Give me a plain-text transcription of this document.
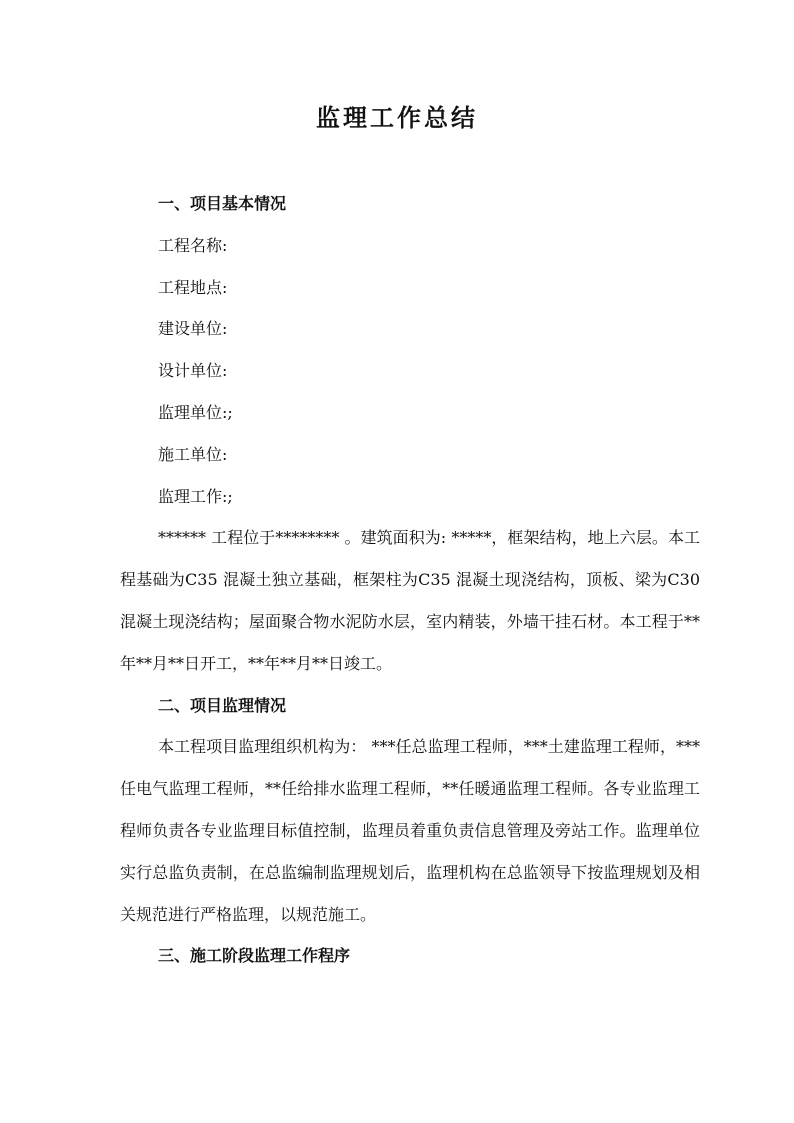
监理工作总结
一、项目基本情况
工程名称:
工程地点:
建设单位:
设计单位:
监理单位:;
施工单位:
监理工作:;

****** 工程位于******** 。建筑面积为: *****，框架结构，地上六层。本工程基础为C35 混凝土独立基础，框架柱为C35 混凝土现浇结构，顶板、梁为C30 混凝土现浇结构；屋面聚合物水泥防水层，室内精装，外墙干挂石材。本工程于**年**月**日开工，**年**月**日竣工。

二、项目监理情况

本工程项目监理组织机构为： ***任总监理工程师，***土建监理工程师，***任电气监理工程师，**任给排水监理工程师，**任暖通监理工程师。各专业监理工程师负责各专业监理目标值控制，监理员着重负责信息管理及旁站工作。监理单位实行总监负责制，在总监编制监理规划后，监理机构在总监领导下按监理规划及相关规范进行严格监理，以规范施工。

三、施工阶段监理工作程序
